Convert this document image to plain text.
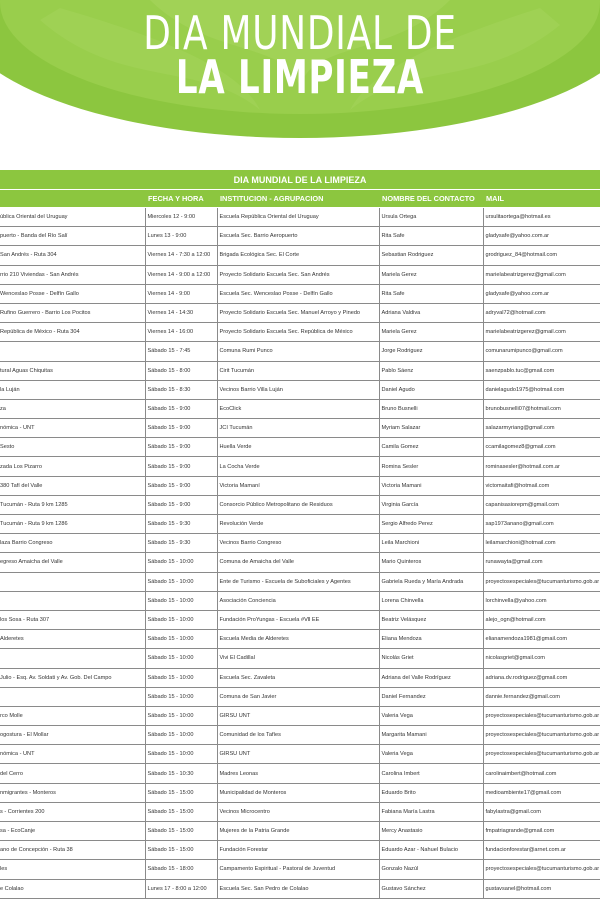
DIA MUNDIAL DE
LA LIMPIEZA
DIA MUNDIAL DE LA LIMPIEZA				
	FECHA Y HORA	INSTITUCION - AGRUPACION	NOMBRE DEL CONTACTO	MAIL
ública Oriental del Uruguay	Miercoles 12 - 9:00	Escuela República Oriental del Uruguay	Ursula Ortega	ursulitaortega@hotmail.es
puerto - Banda del Río Salí	Lunes 13 - 9:00	Escuela Sec. Barrio Aeropuerto	Rita Safe	gladysafe@yahoo.com.ar
San Andrés - Ruta 304	Viernes 14 - 7:30 a 12:00	Brigada Ecológica Sec. El Corte	Sebastian Rodriguez	grodriguez_84@hotmail.com
rrio 210 Viviendas - San Andrés	Viernes 14 - 9:00 a 12:00	Proyecto Solidario Escuela Sec. San Andrés	Mariela Gerez	marielabeatrizgerez@gmail.com
Wenceslao Posse - Delfín Gallo	Viernes 14 - 9:00	Escuela Sec. Wenceslao Posse - Delfín Gallo	Rita Safe	gladysafe@yahoo.com.ar
Rufino Guerrero - Barrio Los Pocitos	Viernes 14 - 14:30	Proyecto Solidario Escuela Sec. Manuel Arroyo y Pinedo	Adriana Valdiva	adryval72@hotmail.com
República de México - Ruta 304	Viernes 14 - 16:00	Proyecto Solidario Escuela Sec. República de México	Mariela Gerez	marielabeatrizgerez@gmail.com
	Sábado 15 - 7:45	Comuna Rumi Punco	Jorge Rodriguez	comunarumipunco@gmail.com
tural Aguas Chiquitas	Sábado 15 - 8:00	Cirit Tucumán	Pablo Sáenz	saenzpablo.tuc@gmail.com
la Luján	Sábado 15 - 8:30	Vecinos Barrio Villa Luján	Daniel Agudo	danielagudo1975@hotmail.com
za	Sábado 15 - 9:00	EcoClick	Bruno Busnelli	brunobusnelli07@hotmail.com
nómica - UNT	Sábado 15 - 9:00	JCI Tucumán	Myriam Salazar	salazarmyriang@gmail.com
Sesto	Sábado 15 - 9:00	Huella Verde	Camila Gomez	ccamilagomez8@gmail.com
zada Los Pizarro	Sábado 15 - 9:00	La Cocha Verde	Romina Sesler	rominasesler@hotmail.com.ar
380 Tafí del Valle	Sábado 15 - 9:00	Victoria Mamaní	Victoria Mamani	victomaitafi@hotmail.com
Tucumán - Ruta 9 km 1285	Sábado 15 - 9:00	Consorcio Público Metropolitano de Residuos	Virginia García	capanisasiorepm@gmail.com
Tucumán - Ruta 9 km 1286	Sábado 15 - 9:30	Revolución Verde	Sergio Alfredo Perez	sap1973anano@gmail.com
laza Barrio Congreso	Sábado 15 - 9:30	Vecinos Barrio Congreso	Leila Marchioni	leilamarchioni@hotmail.com
egreso Amaicha del Valle	Sábado 15 - 10:00	Comuna de Amaicha del Valle	Mario Quinteros	runawayta@gmail.com
	Sábado 15 - 10:00	Ente de Turismo - Escuela de Suboficiales y Agentes	Gabriela Rueda y María Andrada	proyectosespeciales@tucumanturismo.gob.ar
	Sábado 15 - 10:00	Asociación Conciencia	Lorena Chinvella	lorchinvella@yahoo.com
los Sosa - Ruta 307	Sábado 15 - 10:00	Fundación ProYungas - Escuela #Ⅶ EE	Beatriz Velásquez	alejo_ogn@hotmail.com
Alderetes	Sábado 15 - 10:00	Escuela Media de Alderetes	Eliana Mendoza	elianamendoza1981@gmail.com
	Sábado 15 - 10:00	Vivi El Cadillal	Nicolás Griet	nicolasgriet@gmail.com
Julio - Esq. Av. Soldati y Av. Gob. Del Campo	Sábado 15 - 10:00	Escuela Sec. Zavaleta	Adriana del Valle Rodríguez	adriana.dv.rodriguez@gmail.com
	Sábado 15 - 10:00	Comuna de San Javier	Daniel Fernandez	dannie.fernandez@gmail.com
rco Molle	Sábado 15 - 10:00	GIRSU UNT	Valeria Vega	proyectosespeciales@tucumanturismo.gob.ar
ogostura - El Mollar	Sábado 15 - 10:00	Comunidad de los Tafíes	Margarita Mamani	proyectosespeciales@tucumanturismo.gob.ar
nómica - UNT	Sábado 15 - 10:00	GIRSU UNT	Valeria Vega	proyectosespeciales@tucumanturismo.gob.ar
del Cerro	Sábado 15 - 10:30	Madres Leonas	Carolina Imbert	carolinaimbert@hotmail.com
nmigrantes - Monteros	Sábado 15 - 15:00	Municipalidad de Monteros	Eduardo Brito	medioambiente17@gmail.com
s - Corrientes 200	Sábado 15 - 15:00	Vecinos Microcentro	Fabiana María Lastra	fabylastra@gmail.com
sa - EcoCanje	Sábado 15 - 15:00	Mujeres de la Patria Grande	Mercy Anastasio	fmpatriagrande@gmail.com
ano de Concepción - Ruta 38	Sábado 15 - 15:00	Fundación Forestar	Eduardo Azar - Nahuel Bulacio	fundacionforestar@arnet.com.ar
les	Sábado 15 - 18:00	Campamento Espiritual - Pastoral de Juventud	Gonzalo Nazúl	proyectosespeciales@tucumanturismo.gob.ar
e Colalao	Lunes 17 - 8:00 a 12:00	Escuela Sec. San Pedro de Colalao	Gustavo Sánchez	gustavsanel@hotmail.com
